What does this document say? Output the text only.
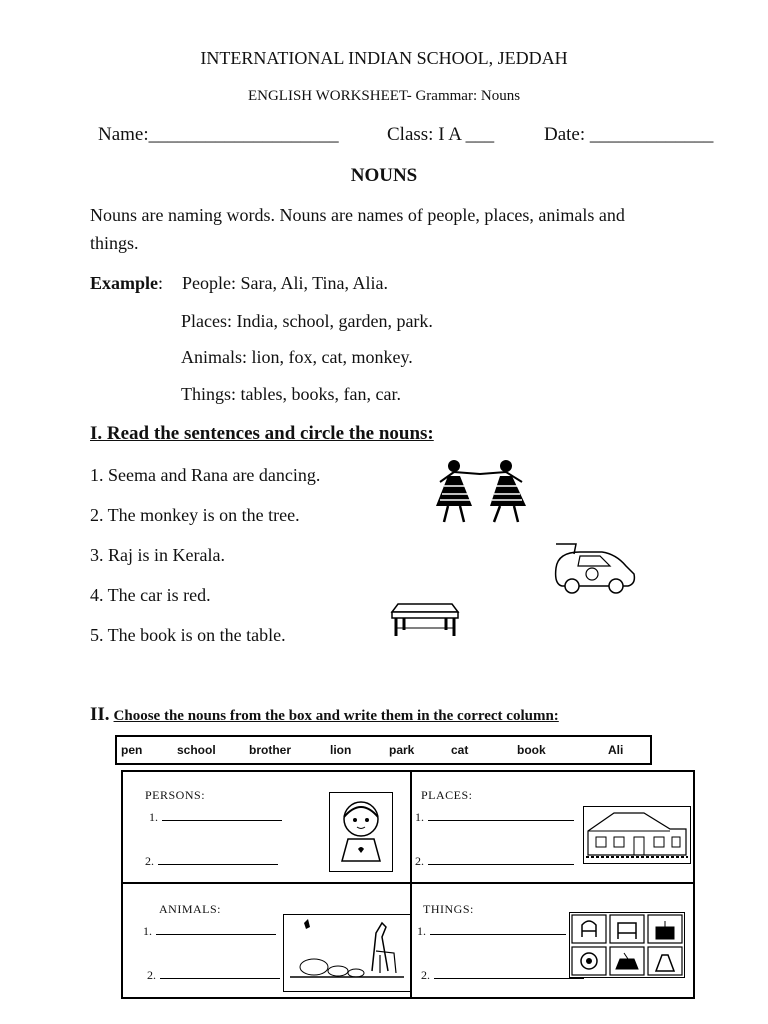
INTERNATIONAL INDIAN SCHOOL, JEDDAH
ENGLISH WORKSHEET- Grammar: Nouns
Name:____________________	Class: I A ___	Date: _____________
NOUNS
Nouns are naming words. Nouns are names of people, places, animals and
things.
Example: People: Sara, Ali, Tina, Alia.
Places: India, school, garden, park.
Animals: lion, fox, cat, monkey.
Things: tables, books, fan, car.
I. Read the sentences and circle the nouns:
1. Seema and Rana are dancing.
2. The monkey is on the tree.
3. Raj is in Kerala.
4. The car is red.
5. The book is on the table.
II. Choose the nouns from the box and write them in the correct column:
pen	school	brother	lion	park	cat	book	Ali
PERSONS:
1.
2.
PLACES:
1.
2.
ANIMALS:
1.
2.
THINGS:
1.
2.
